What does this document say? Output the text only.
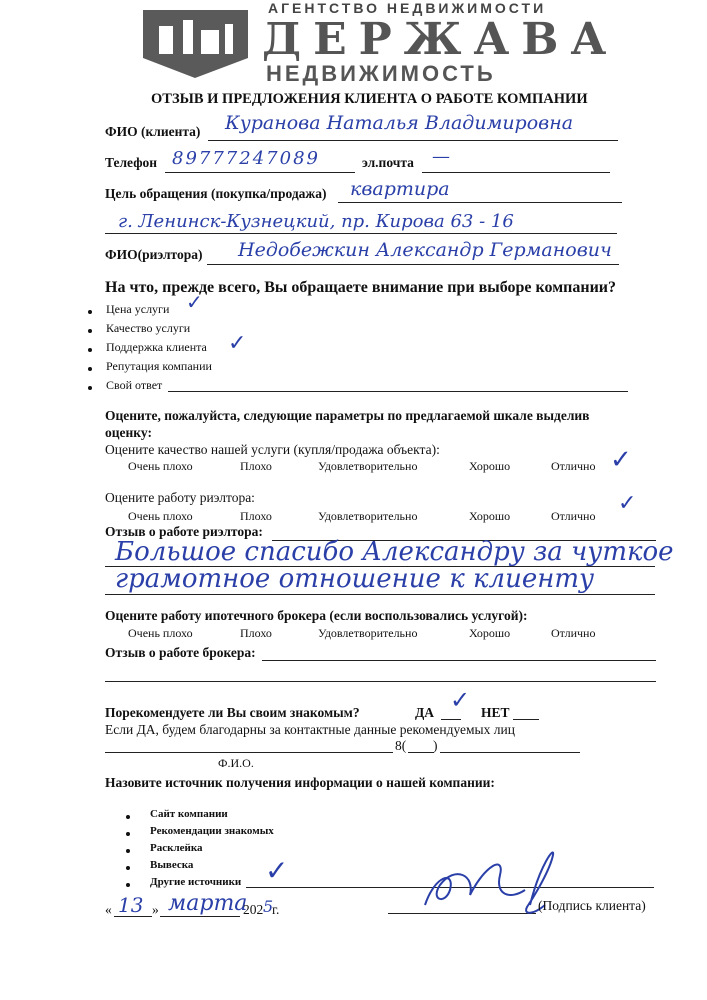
АГЕНТСТВО НЕДВИЖИМОСТИ
ДЕРЖАВА
НЕДВИЖИМОСТЬ
ОТЗЫВ И ПРЕДЛОЖЕНИЯ КЛИЕНТА О РАБОТЕ КОМПАНИИ
ФИО (клиента) Куранова Наталья Владимировна
Телефон 89777247089	эл.почта —
Цель обращения (покупка/продажа) квартира
г. Ленинск-Кузнецкий, пр. Кирова 63 - 16
ФИО(риэлтора) Недобежкин Александр Германович
На что, прежде всего, Вы обращаете внимание при выборе компании?
Цена услуги ✓
Качество услуги
Поддержка клиента ✓
Репутация компании
Свой ответ
Оцените, пожалуйста, следующие параметры по предлагаемой шкале выделив
оценку:
Оцените качество нашей услуги (купля/продажа объекта):
Очень плохо	Плохо	Удовлетворительно	Хорошо	Отлично ✓
Оцените работу риэлтора:
Очень плохо	Плохо	Удовлетворительно	Хорошо	Отлично ✓
Отзыв о работе риэлтора:
Большое спасибо Александру за чуткое
грамотное отношение к клиенту
Оцените работу ипотечного брокера (если воспользовались услугой):
Очень плохо	Плохо	Удовлетворительно	Хорошо	Отлично
Отзыв о работе брокера:
Порекомендуете ли Вы своим знакомым?	ДА ✓ НЕТ
Если ДА, будем благодарны за контактные данные рекомендуемых лиц
8( )
Ф.И.О.
Назовите источник получения информации о нашей компании:
Сайт компании
Рекомендации знакомых
Расклейка
Вывеска
Другие источники ✓
« 13 » марта
202 5
г.	(Подпись клиента)
